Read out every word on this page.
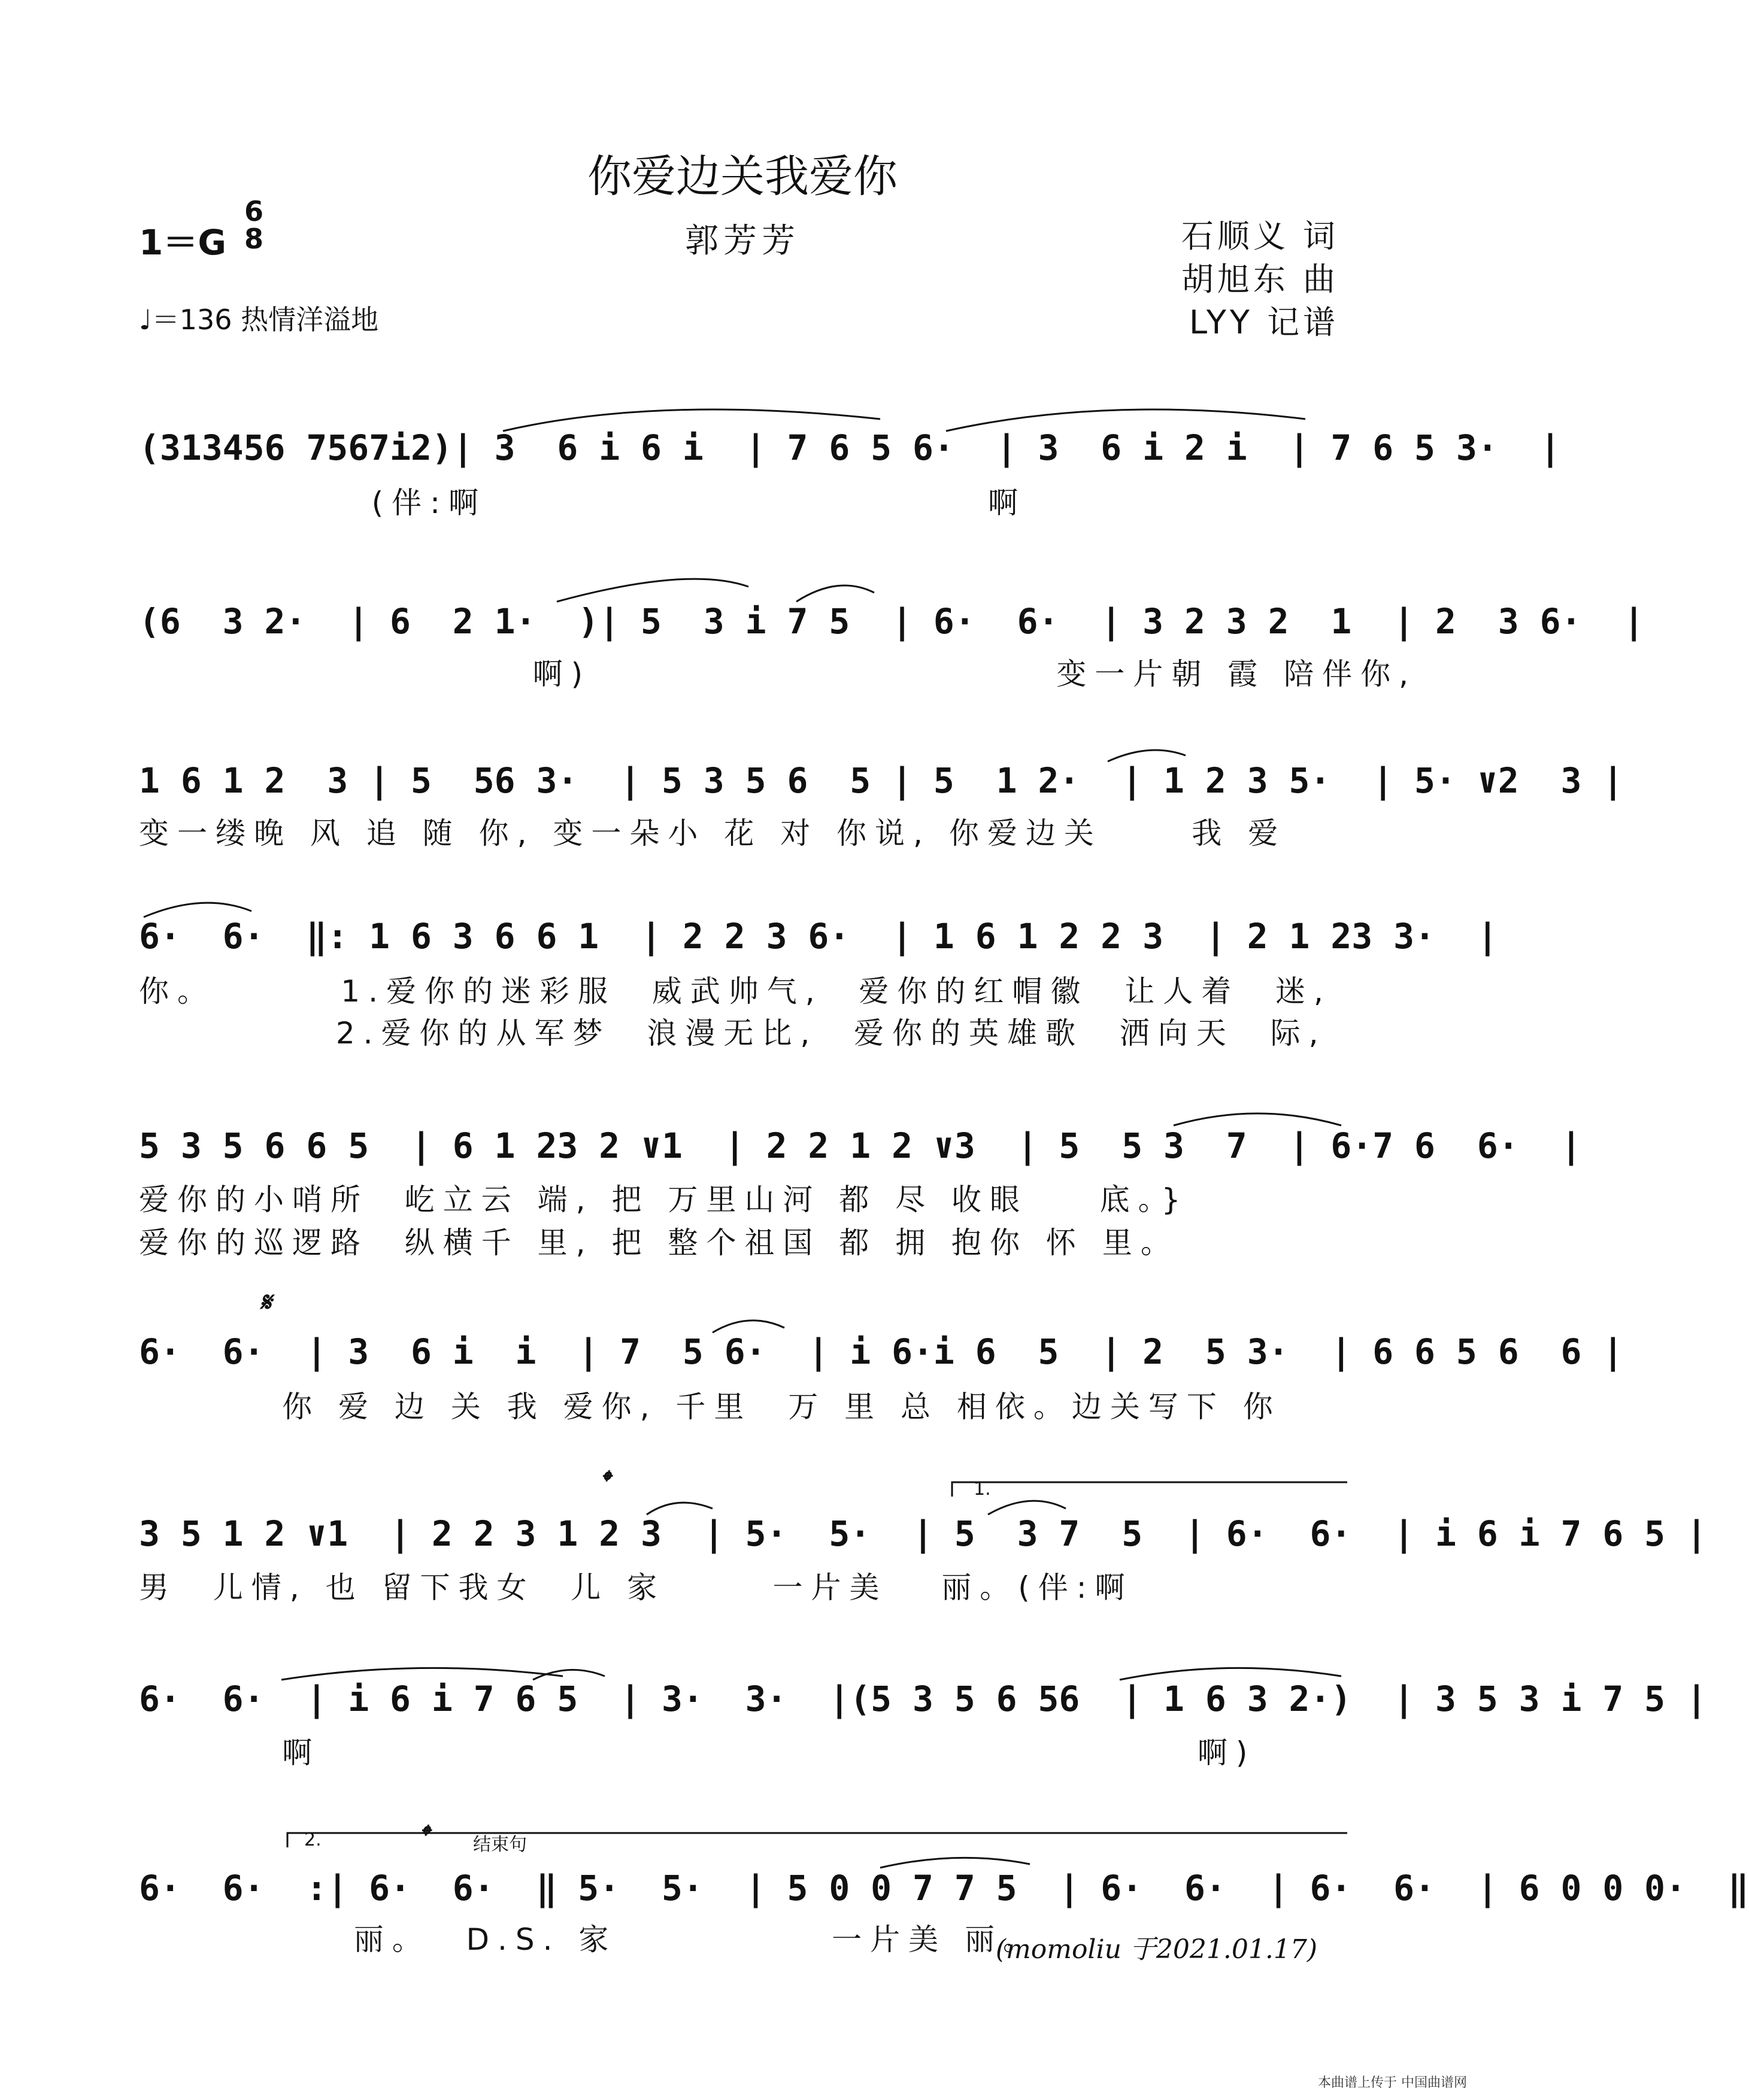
你爱边关我爱你
1＝G
6
8	郭芳芳	石顺义 词
胡旭东 曲
LYY 记谱
♩＝136 热情洋溢地
(313456 7567i2)| 3  6 i 6 i  | 7 6 5 6·  | 3  6 i 2 i  | 7 6 5 3·  |
(伴:啊                            啊
(6  3 2·  | 6  2 1·  )| 5  3 i 7 5  | 6·  6·  | 3 2 3 2  1  | 2  3 6·  |
啊)                          变一片朝 霞 陪伴你,
1 6 1 2  3 | 5  56 3·  | 5 3 5 6  5 | 5  1 2·  | 1 2 3 5·  | 5· ∨2  3 |
变一缕晚 风 追 随 你, 变一朵小 花 对 你说, 你爱边关     我 爱
6·  6·  ‖: 1 6 3 6 6 1  | 2 2 3 6·  | 1 6 1 2 2 3  | 2 1 23 3·  |
你。       1.爱你的迷彩服  威武帅气,  爱你的红帽徽  让人着  迷,
2.爱你的从军梦  浪漫无比,  爱你的英雄歌  洒向天  际,
5 3 5 6 6 5  | 6 1 23 2 ∨1  | 2 2 1 2 ∨3  | 5  5 3  7  | 6·7 6  6·  |
爱你的小哨所  屹立云 端, 把 万里山河 都 尽 收眼    底。}
爱你的巡逻路  纵横千 里, 把 整个祖国 都 拥 抱你 怀 里。
𝄋
6·  6·  | 3  6 i  i  | 7  5 6·  | i 6·i 6  5  | 2  5 3·  | 6 6 5 6  6 |
你 爱 边 关 我 爱你, 千里  万 里 总 相依。边关写下 你
𝄌	1.
3 5 1 2 ∨1  | 2 2 3 1 2 3  | 5·  5·  | 5  3 7  5  | 6·  6·  | i 6 i 7 6 5 |
男  儿情, 也 留下我女  儿 家      一片美   丽。(伴:啊
6·  6·  | i 6 i 7 6 5  | 3·  3·  |(5 3 5 6 56  | 1 6 3 2·)  | 3 5 3 i 7 5 |
啊                                                 啊)
2.	𝄌 结束句
6·  6·  :| 6·  6·  ‖ 5·  5·  | 5 0 0 7 7 5  | 6·  6·  | 6·  6·  | 6 0 0 0·  ‖
丽。  D.S. 家            一片美 丽。
(momoliu 于2021.01.17)
本曲谱上传于 中国曲谱网
